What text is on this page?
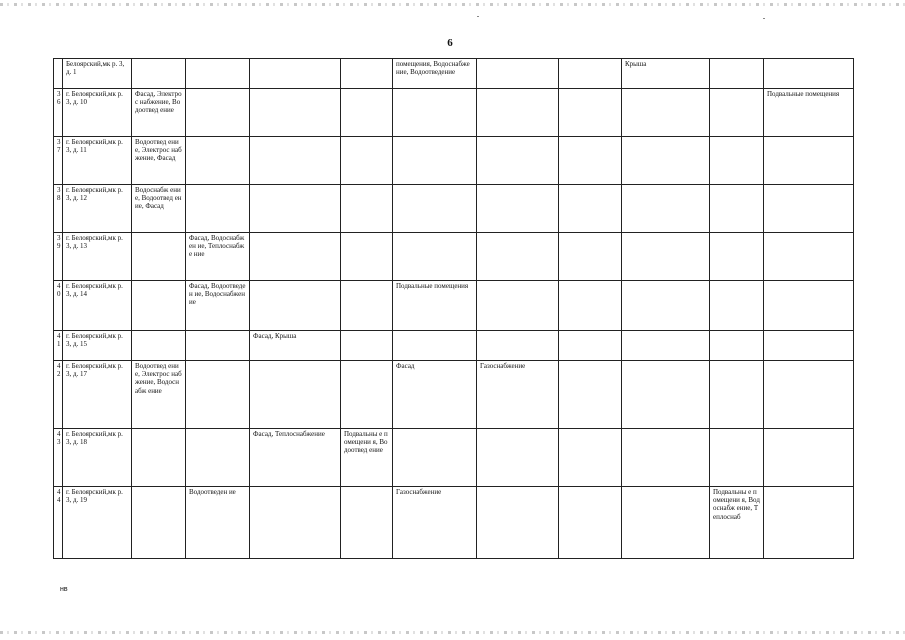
6
	Белоярский,мк р. 3, д. 1					помещения, Водоснабжение, Водоотведение			Крыша		
36	г. Белоярский,мк р. 3, д. 10	Фасад, Электрос набжение, Водоотвед ение									Подвальные помещения
37	г. Белоярский,мк р. 3, д. 11	Водоотвед ение, Электрос набжение, Фасад									
38	г. Белоярский,мк р. 3, д. 12	Водоснабж ение, Водоотвед ение, Фасад									
39	г. Белоярский,мк р. 3, д. 13		Фасад, Водоснабжен ие, Теплоснабже ние								
40	г. Белоярский,мк р. 3, д. 14		Фасад, Водоотведен ие, Водоснабжен ие			Подвальные помещения					
41	г. Белоярский,мк р. 3, д. 15			Фасад, Крыша							
42	г. Белоярский,мк р. 3, д. 17	Водоотвед ение, Электрос набжение, Водоснабж ение				Фасад	Газоснабжение				
43	г. Белоярский,мк р. 3, д. 18			Фасад, Теплоснабжение	Подвальны е помещени я, Водоотвед ение						
44	г. Белоярский,мк р. 3, д. 19		Водоотведен ие			Газоснабжение				Подвальны е помещени я, Водоснабж ение, Теплоснаб	
нв
